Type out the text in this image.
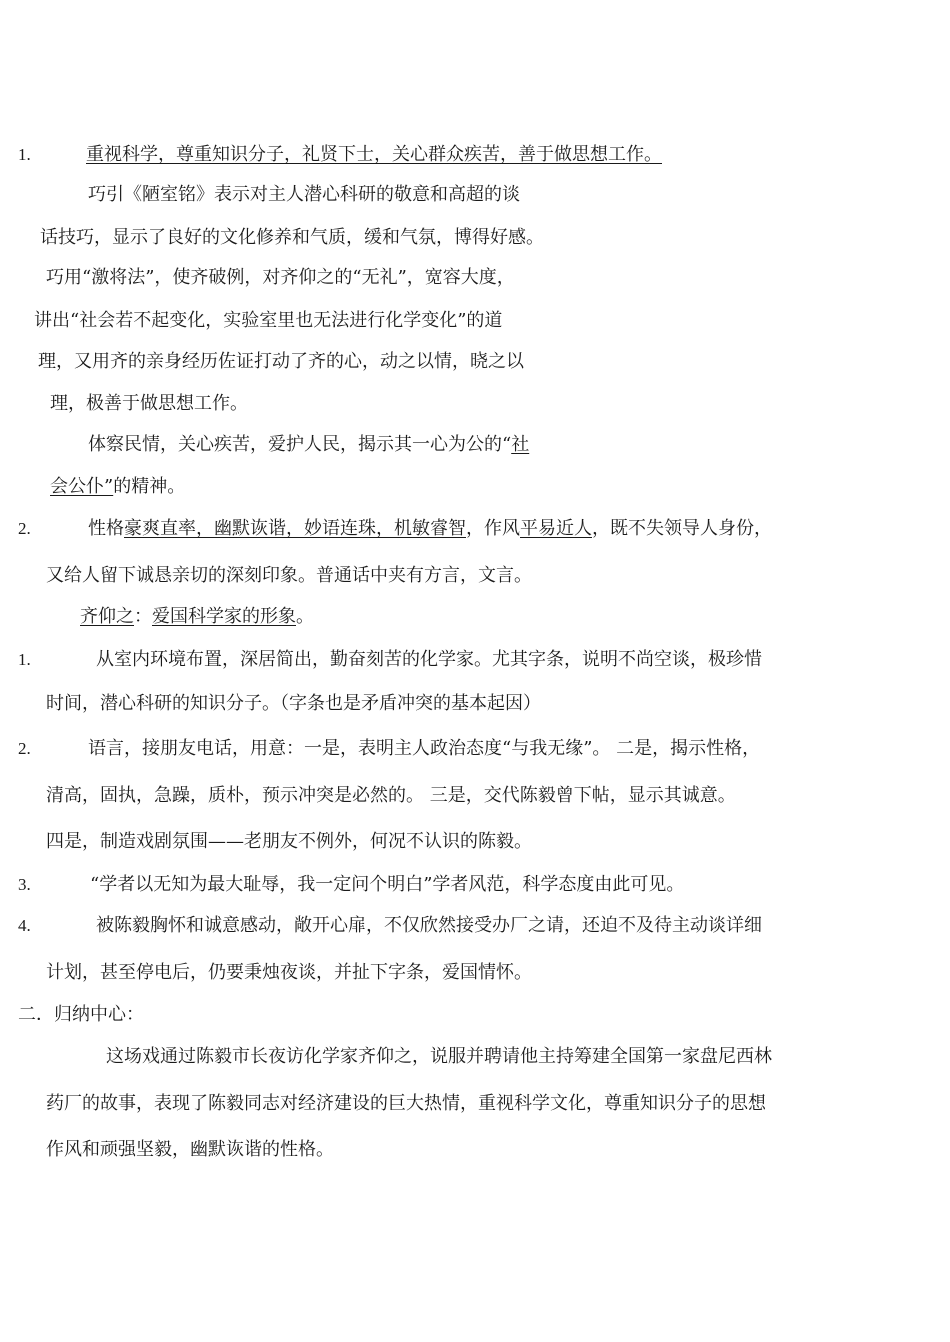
1.	重视科学，尊重知识分子，礼贤下士，关心群众疾苦，善于做思想工作。
巧引《陋室铭》表示对主人潜心科研的敬意和高超的谈
话技巧，显示了良好的文化修养和气质，缓和气氛，博得好感。
巧用“激将法”，使齐破例，对齐仰之的“无礼”，宽容大度，
讲出“社会若不起变化，实验室里也无法进行化学变化”的道
理，又用齐的亲身经历佐证打动了齐的心，动之以情，晓之以
理，极善于做思想工作。
体察民情，关心疾苦，爱护人民，揭示其一心为公的“社
会公仆”的精神。
2.	性格豪爽直率，幽默诙谐，妙语连珠，机敏睿智，作风平易近人，既不失领导人身份，
又给人留下诚恳亲切的深刻印象。普通话中夹有方言，文言。
齐仰之：爱国科学家的形象。
1.	从室内环境布置，深居简出，勤奋刻苦的化学家。尤其字条，说明不尚空谈，极珍惜
时间，潜心科研的知识分子。（字条也是矛盾冲突的基本起因）
2.	语言，接朋友电话，用意：一是，表明主人政治态度“与我无缘”。 二是，揭示性格，
清高，固执，急躁，质朴，预示冲突是必然的。 三是，交代陈毅曾下帖，显示其诚意。
四是，制造戏剧氛围——老朋友不例外，何况不认识的陈毅。
3.	“学者以无知为最大耻辱，我一定问个明白”学者风范，科学态度由此可见。
4.	被陈毅胸怀和诚意感动，敞开心扉，不仅欣然接受办厂之请，还迫不及待主动谈详细
计划，甚至停电后，仍要秉烛夜谈，并扯下字条，爱国情怀。
二．归纳中心：
这场戏通过陈毅市长夜访化学家齐仰之，说服并聘请他主持筹建全国第一家盘尼西林
药厂的故事，表现了陈毅同志对经济建设的巨大热情，重视科学文化，尊重知识分子的思想
作风和顽强坚毅，幽默诙谐的性格。
